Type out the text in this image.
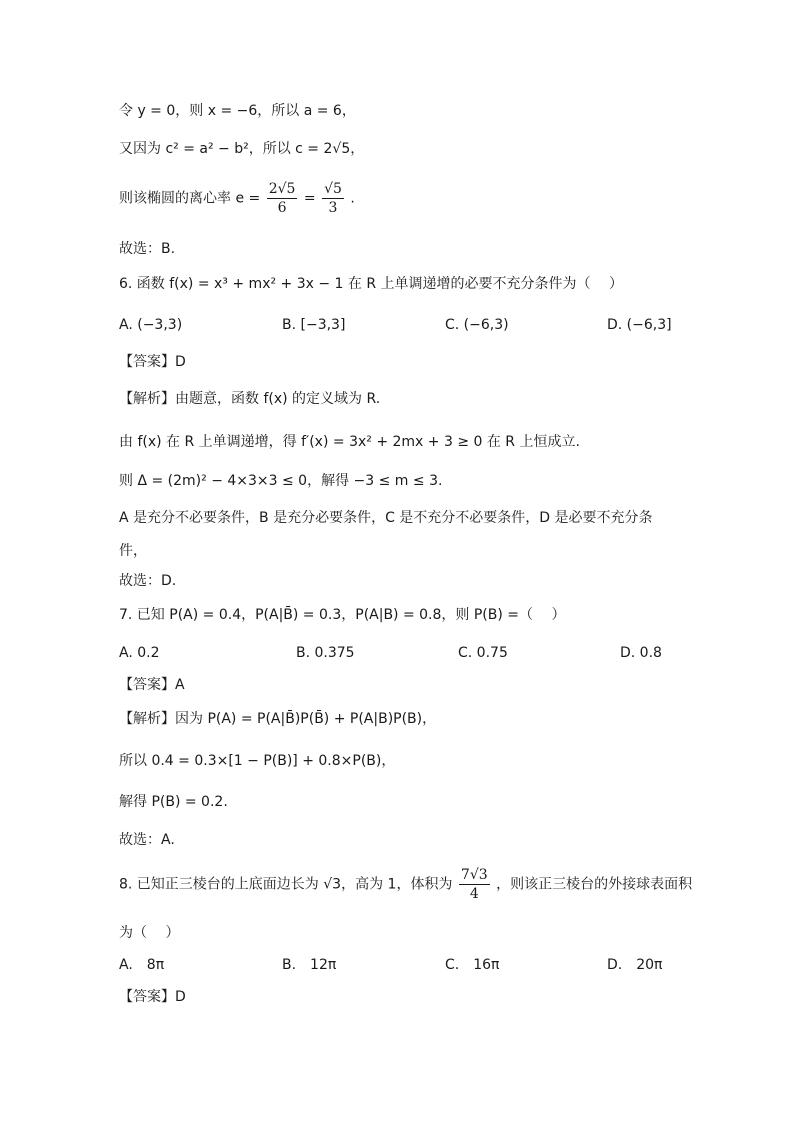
令 y = 0，则 x = −6，所以 a = 6，
又因为 c² = a² − b²，所以 c = 2√5，
则该椭圆的离心率 $e = \frac{2√5}{6} = \frac{√5}{3}$ .
故选：B.
6. 函数 f(x) = x³ + mx² + 3x − 1 在 R 上单调递增的必要不充分条件为（　 ）
A. (−3,3)	B. [−3,3]	C. (−6,3)	D. (−6,3]
【答案】D
【解析】由题意，函数 f(x) 的定义域为 R.
由 f(x) 在 R 上单调递增，得 f′(x) = 3x² + 2mx + 3 ≥ 0 在 R 上恒成立.
则 Δ = (2m)² − 4×3×3 ≤ 0，解得 −3 ≤ m ≤ 3.
A 是充分不必要条件，B 是充分必要条件，C 是不充分不必要条件，D 是必要不充分条
件，
故选：D.
7. 已知 P(A) = 0.4，P(A|B̄) = 0.3，P(A|B) = 0.8，则 P(B) =（　 ）
A. 0.2	B. 0.375	C. 0.75	D. 0.8
【答案】A
【解析】因为 P(A) = P(A|B̄)P(B̄) + P(A|B)P(B)，
所以 0.4 = 0.3×[1 − P(B)] + 0.8×P(B)，
解得 P(B) = 0.2.
故选：A.
8. 已知正三棱台的上底面边长为 √3，高为 1，体积为 $\frac{7√3}{4}$ ，则该正三棱台的外接球表面积
为（　 ）
A.　8π	B.　12π	C.　16π	D.　20π
【答案】D
